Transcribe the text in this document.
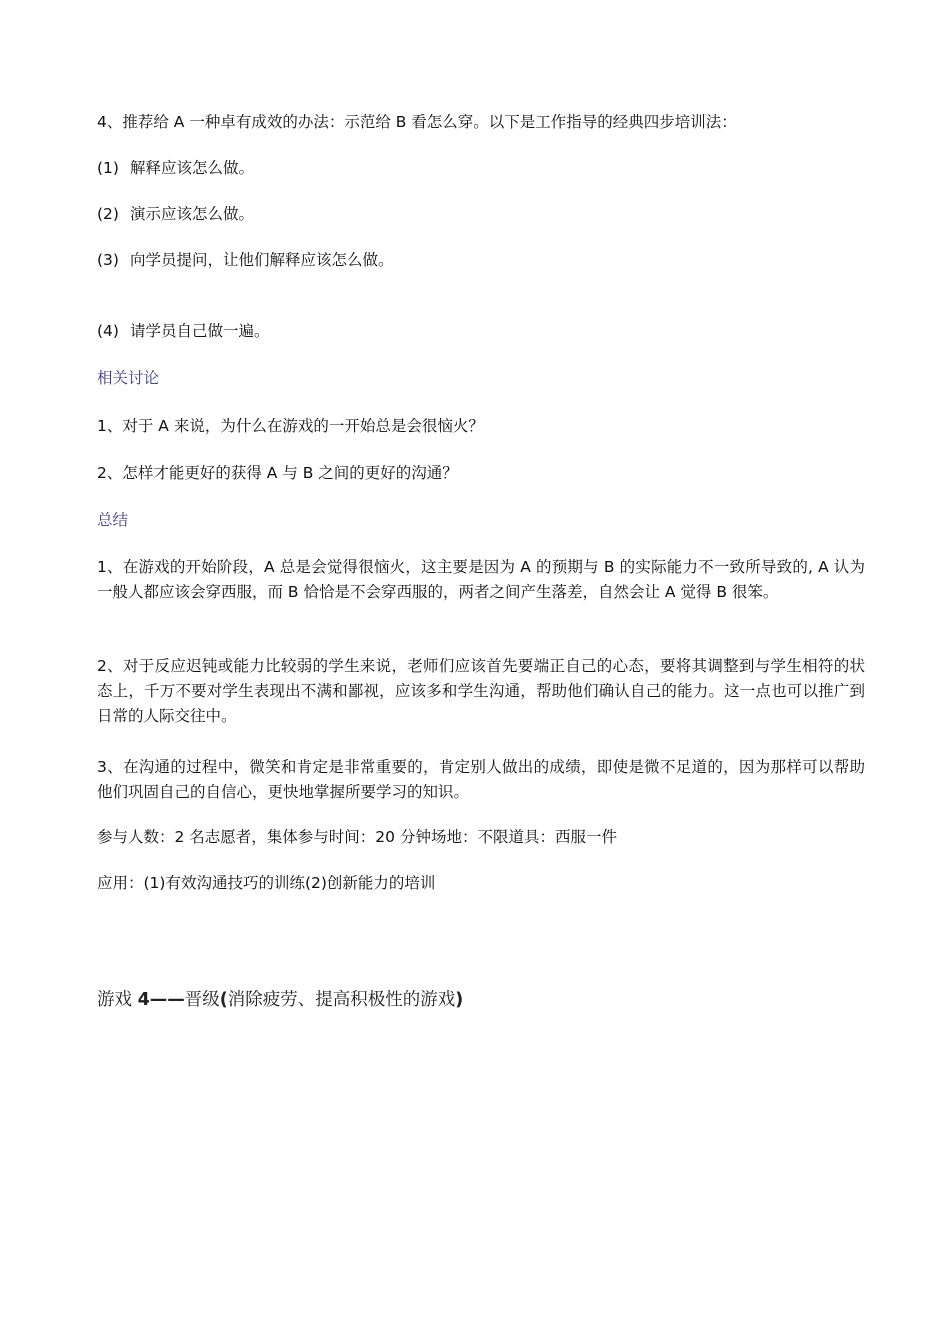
4、推荐给 A 一种卓有成效的办法：示范给 B 看怎么穿。以下是工作指导的经典四步培训法：
(1) 解释应该怎么做。
(2) 演示应该怎么做。
(3) 向学员提问，让他们解释应该怎么做。
(4) 请学员自己做一遍。
相关讨论
1、对于 A 来说，为什么在游戏的一开始总是会很恼火？
2、怎样才能更好的获得 A 与 B 之间的更好的沟通？
总结
1、在游戏的开始阶段，A 总是会觉得很恼火，这主要是因为 A 的预期与 B 的实际能力不一致所导致的, A 认为一般人都应该会穿西服，而 B 恰恰是不会穿西服的，两者之间产生落差，自然会让 A 觉得 B 很笨。
2、对于反应迟钝或能力比较弱的学生来说，老师们应该首先要端正自己的心态，要将其调整到与学生相符的状态上，千万不要对学生表现出不满和鄙视，应该多和学生沟通，帮助他们确认自己的能力。这一点也可以推广到日常的人际交往中。
3、在沟通的过程中，微笑和肯定是非常重要的，肯定别人做出的成绩，即使是微不足道的，因为那样可以帮助他们巩固自己的自信心，更快地掌握所要学习的知识。
参与人数：2 名志愿者，集体参与时间：20 分钟场地：不限道具：西服一件
应用：(1)有效沟通技巧的训练(2)创新能力的培训
游戏 4——晋级(消除疲劳、提高积极性的游戏)
